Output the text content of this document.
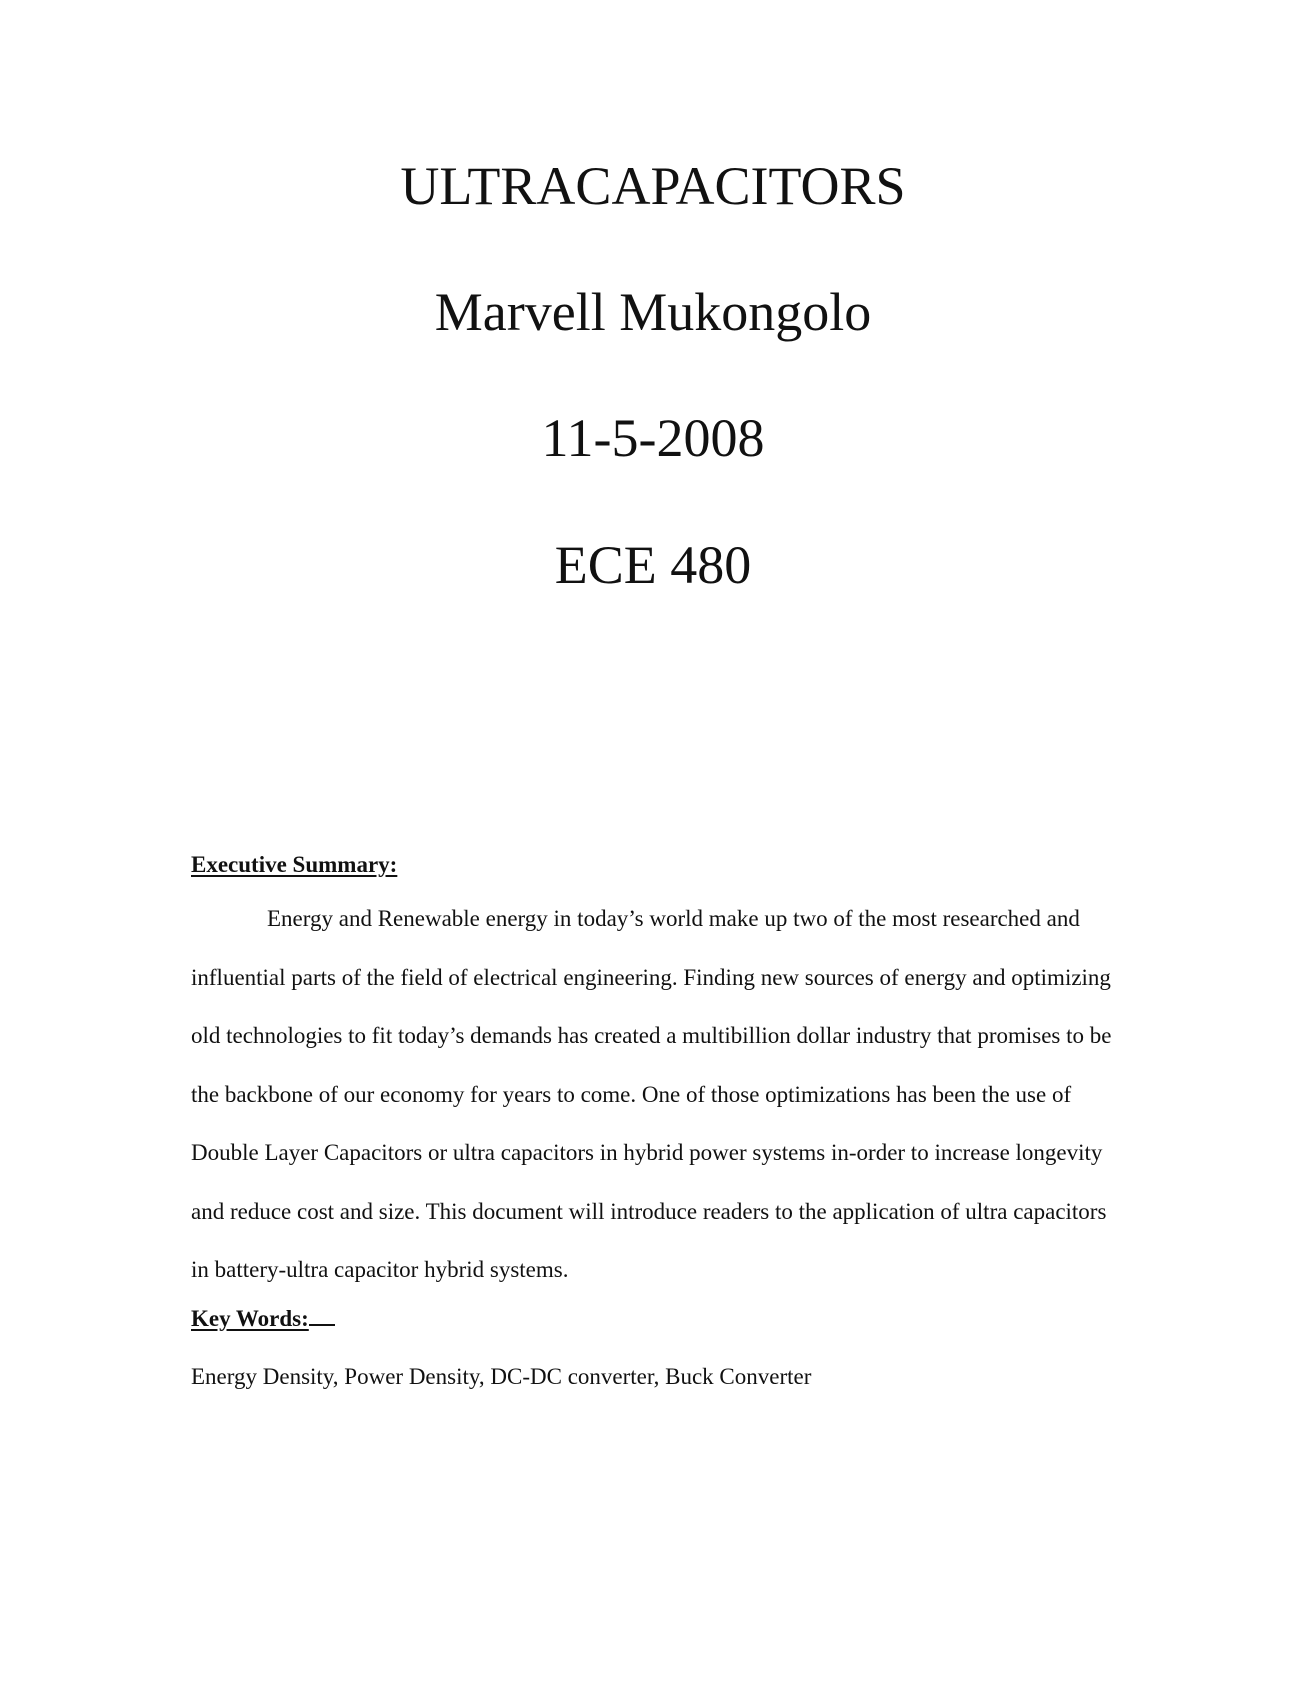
ULTRACAPACITORS
Marvell Mukongolo
11-5-2008
ECE 480
Executive Summary:

Energy and Renewable energy in today’s world make up two of the most researched and influential parts of the field of electrical engineering. Finding new sources of energy and optimizing old technologies to fit today’s demands has created a multibillion dollar industry that promises to be the backbone of our economy for years to come. One of those optimizations has been the use of Double Layer Capacitors or ultra capacitors in hybrid power systems in-order to increase longevity and reduce cost and size. This document will introduce readers to the application of ultra capacitors in battery-ultra capacitor hybrid systems.

Key Words:

Energy Density, Power Density, DC-DC converter, Buck Converter
